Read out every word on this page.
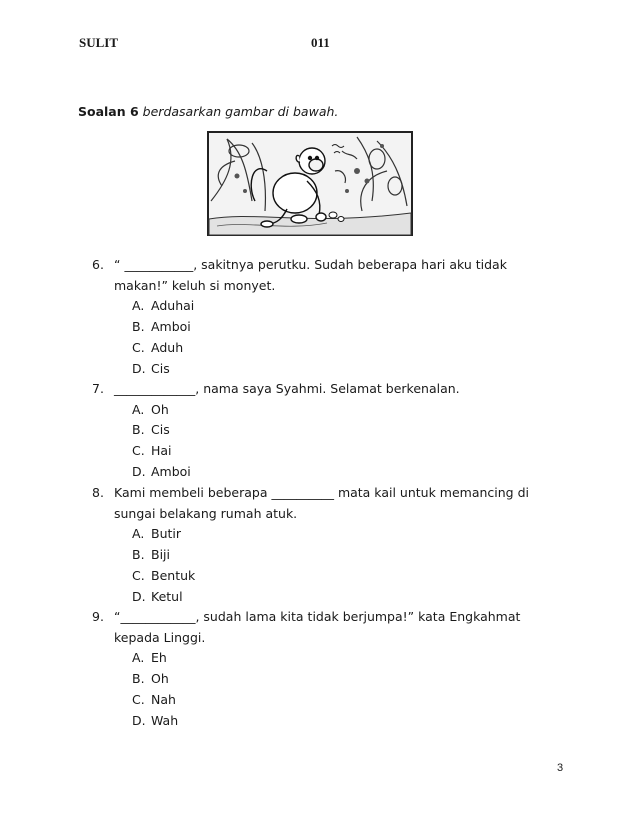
SULIT	011
Soalan 6 berdasarkan gambar di bawah.
6. “ ___________, sakitnya perutku. Sudah beberapa hari aku tidak makan!” keluh si monyet.
A. Aduhai
B. Amboi
C. Aduh
D. Cis
7. _____________, nama saya Syahmi. Selamat berkenalan.
A. Oh
B. Cis
C. Hai
D. Amboi
8. Kami membeli beberapa __________ mata kail untuk memancing di sungai belakang rumah atuk.
A. Butir
B. Biji
C. Bentuk
D. Ketul
9. “____________, sudah lama kita tidak berjumpa!” kata Engkahmat kepada Linggi.
A. Eh
B. Oh
C. Nah
D. Wah
3
